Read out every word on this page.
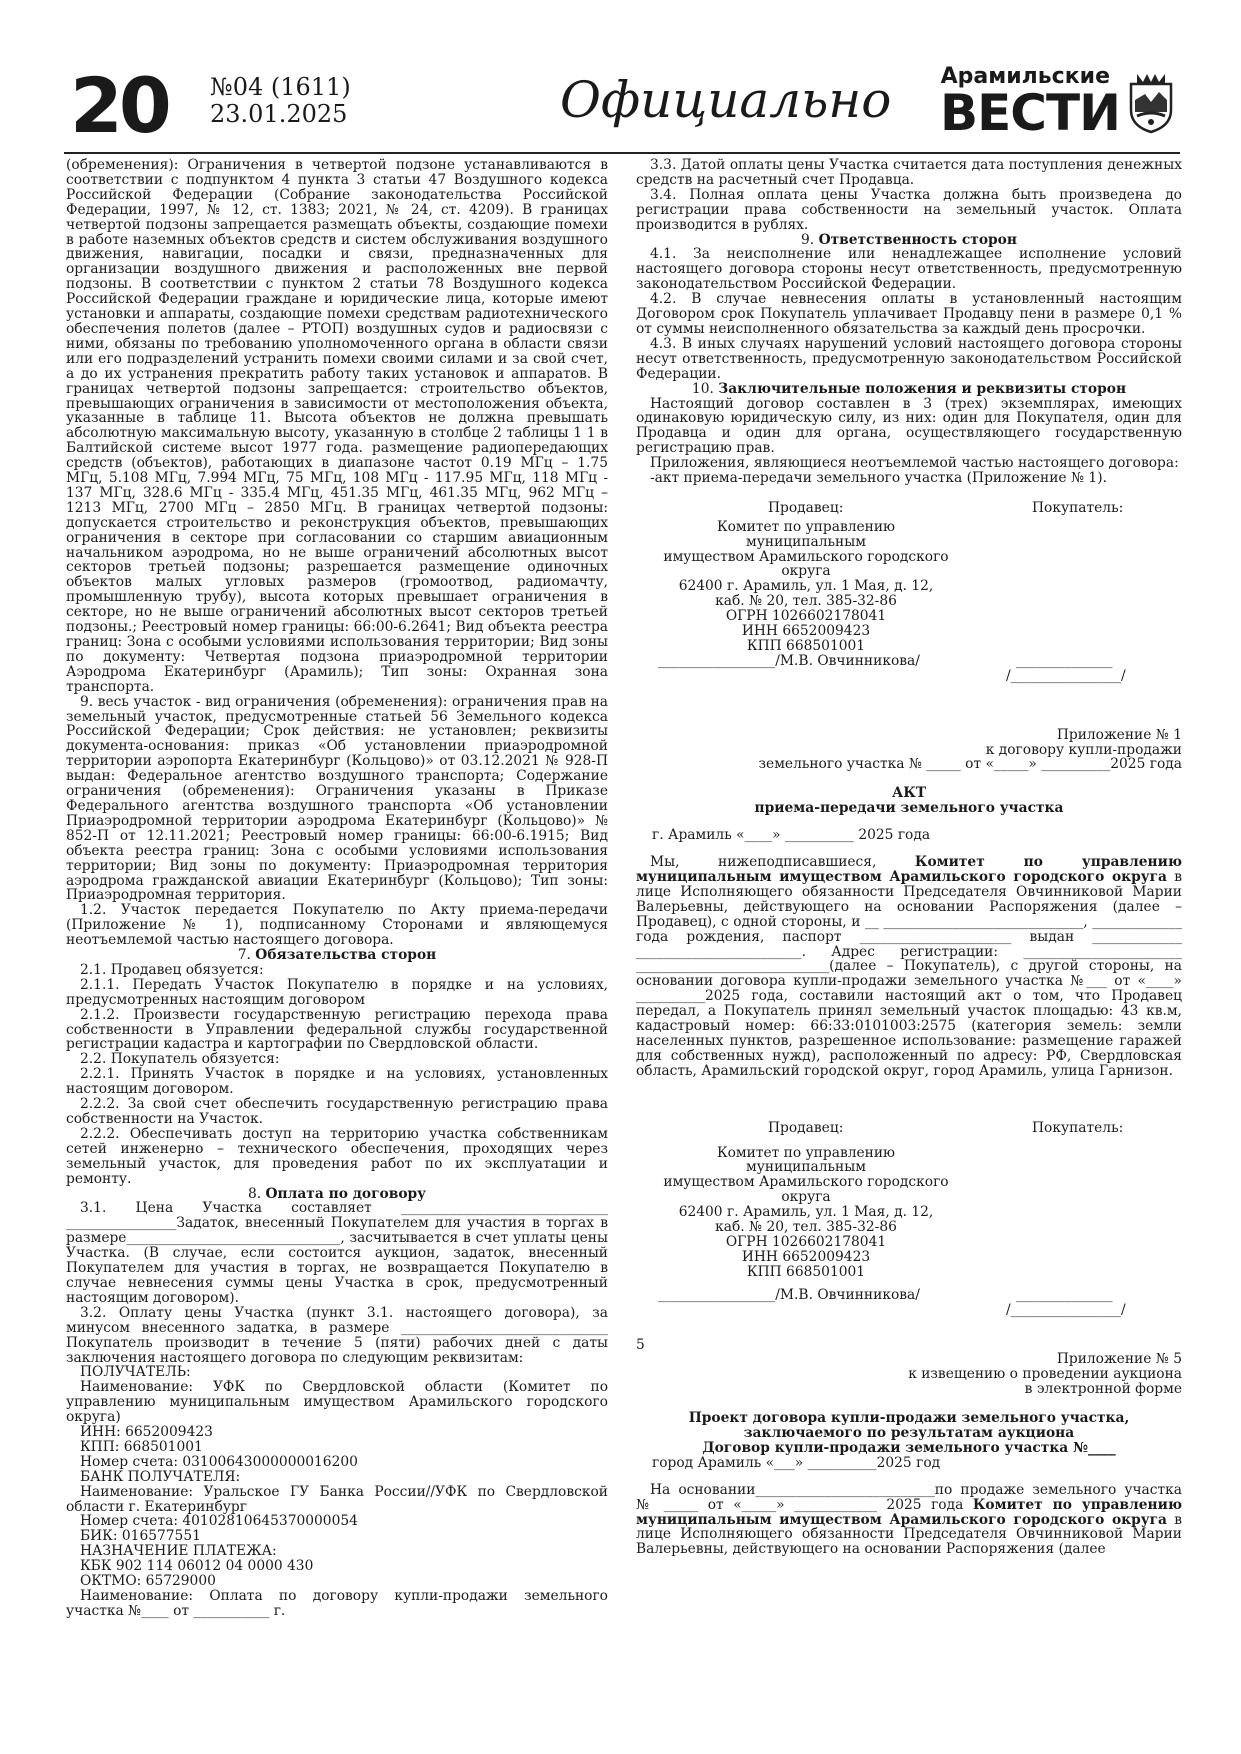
20 №04 (1611)
23.01.2025	Официально Арамильские
ВЕСТИ

(обременения): Ограничения в четвертой подзоне устанавливаются в соответствии с подпунктом 4 пункта 3 статьи 47 Воздушного кодекса Российской Федерации (Собрание законодательства Российской Федерации, 1997, № 12, ст. 1383; 2021, № 24, ст. 4209). В границах четвертой подзоны запрещается размещать объекты, создающие помехи в работе наземных объектов средств и систем обслуживания воздушного движения, навигации, посадки и связи, предназначенных для организации воздушного движения и расположенных вне первой подзоны. В соответствии с пунктом 2 статьи 78 Воздушного кодекса Российской Федерации граждане и юридические лица, которые имеют установки и аппараты, создающие помехи средствам радиотехнического обеспечения полетов (далее – РТОП) воздушных судов и радиосвязи с ними, обязаны по требованию уполномоченного органа в области связи или его подразделений устранить помехи своими силами и за свой счет, а до их устранения прекратить работу таких установок и аппаратов. В границах четвертой подзоны запрещается: строительство объектов, превышающих ограничения в зависимости от местоположения объекта, указанные в таблице 11. Высота объектов не должна превышать абсолютную максимальную высоту, указанную в столбце 2 таблицы 1 1 в Балтийской системе высот 1977 года. размещение радиопередающих средств (объектов), работающих в диапазоне частот 0.19 МГц – 1.75 МГц, 5.108 МГц, 7.994 МГц, 75 МГц, 108 МГц - 117.95 МГц, 118 МГц - 137 МГц, 328.6 МГц - 335.4 МГц, 451.35 МГц, 461.35 МГц, 962 МГц – 1213 МГц, 2700 МГц – 2850 МГц. В границах четвертой подзоны: допускается строительство и реконструкция объектов, превышающих ограничения в секторе при согласовании со старшим авиационным начальником аэродрома, но не выше ограничений абсолютных высот секторов третьей подзоны; разрешается размещение одиночных объектов малых угловых размеров (громоотвод, радиомачту, промышленную трубу), высота которых превышает ограничения в секторе, но не выше ограничений абсолютных высот секторов третьей подзоны.; Реестровый номер границы: 66:00-6.2641; Вид объекта реестра границ: Зона с особыми условиями использования территории; Вид зоны по документу: Четвертая подзона приаэродромной территории Аэродрома Екатеринбург (Арамиль); Тип зоны: Охранная зона транспорта.

9. весь участок - вид ограничения (обременения): ограничения прав на земельный участок, предусмотренные статьей 56 Земельного кодекса Российской Федерации; Срок действия: не установлен; реквизиты документа-основания: приказ «Об установлении приаэродромной территории аэропорта Екатеринбург (Кольцово)» от 03.12.2021 № 928-П выдан: Федеральное агентство воздушного транспорта; Содержание ограничения (обременения): Ограничения указаны в Приказе Федерального агентства воздушного транспорта «Об установлении Приаэродромной территории аэродрома Екатеринбург (Кольцово)» № 852-П от 12.11.2021; Реестровый номер границы: 66:00-6.1915; Вид объекта реестра границ: Зона с особыми условиями использования территории; Вид зоны по документу: Приаэродромная территория аэродрома гражданской авиации Екатеринбург (Кольцово); Тип зоны: Приаэродромная территория.

1.2. Участок передается Покупателю по Акту приема-передачи (Приложение № 1), подписанному Сторонами и являющемуся неотъемлемой частью настоящего договора.

7. Обязательства сторон

2.1. Продавец обязуется:

2.1.1. Передать Участок Покупателю в порядке и на условиях, предусмотренных настоящим договором

2.1.2. Произвести государственную регистрацию перехода права собственности в Управлении федеральной службы государственной регистрации кадастра и картографии по Свердловской области.

2.2. Покупатель обязуется:

2.2.1. Принять Участок в порядке и на условиях, установленных настоящим договором.

2.2.2. За свой счет обеспечить государственную регистрацию права собственности на Участок.

2.2.2. Обеспечивать доступ на территорию участка собственникам сетей инженерно – технического обеспечения, проходящих через земельный участок, для проведения работ по их эксплуатации и ремонту.

8. Оплата по договору

3.1. Цена Участка составляет ______________________________ ________________Задаток, внесенный Покупателем для участия в торгах в размере_______________________________, засчитывается в счет уплаты цены Участка. (В случае, если состоится аукцион, задаток, внесенный Покупателем для участия в торгах, не возвращается Покупателю в случае невнесения суммы цены Участка в срок, предусмотренный настоящим договором).

3.2. Оплату цены Участка (пункт 3.1. настоящего договора), за минусом внесенного задатка, в размере ______________________________ Покупатель производит в течение 5 (пяти) рабочих дней с даты заключения настоящего договора по следующим реквизитам:

ПОЛУЧАТЕЛЬ:

Наименование: УФК по Свердловской области (Комитет по управлению муниципальным имуществом Арамильского городского округа)

ИНН: 6652009423

КПП: 668501001

Номер счета: 03100643000000016200

БАНК ПОЛУЧАТЕЛЯ:

Наименование: Уральское ГУ Банка России//УФК по Свердловской области г. Екатеринбург

Номер счета: 40102810645370000054

БИК: 016577551

НАЗНАЧЕНИЕ ПЛАТЕЖА:

КБК 902 114 06012 04 0000 430

ОКТМО: 65729000

Наименование: Оплата по договору купли-продажи земельного участка №____ от ___________ г.

3.3. Датой оплаты цены Участка считается дата поступления денежных средств на расчетный счет Продавца.

3.4. Полная оплата цены Участка должна быть произведена до регистрации права собственности на земельный участок. Оплата производится в рублях.

9. Ответственность сторон

4.1. За неисполнение или ненадлежащее исполнение условий настоящего договора стороны несут ответственность, предусмотренную законодательством Российской Федерации.

4.2. В случае невнесения оплаты в установленный настоящим Договором срок Покупатель уплачивает Продавцу пени в размере 0,1 % от суммы неисполненного обязательства за каждый день просрочки.

4.3. В иных случаях нарушений условий настоящего договора стороны несут ответственность, предусмотренную законодательством Российской Федерации.

10. Заключительные положения и реквизиты сторон

Настоящий договор составлен в 3 (трех) экземплярах, имеющих одинаковую юридическую силу, из них: один для Покупателя, один для Продавца и один для органа, осуществляющего государственную регистрацию прав.

Приложения, являющиеся неотъемлемой частью настоящего договора:

-акт приема-передачи земельного участка (Приложение № 1).

Продавец:	Покупатель:
Комитет по управлению муниципальным
имуществом Арамильского городского
округа
62400 г. Арамиль, ул. 1 Мая, д. 12,
каб. № 20, тел. 385-32-86
ОГРН 1026602178041
ИНН 6652009423
КПП 668501001
_________________/М.В. Овчинникова/	______________
/________________/

Приложение № 1

к договору купли-продажи

земельного участка № _____ от «_____» __________2025 года

АКТ

приема-передачи земельного участка

г. Арамиль «____» __________ 2025 года

Мы, нижеподписавшиеся, Комитет по управлению муниципальным имуществом Арамильского городского округа в лице Исполняющего обязанности Председателя Овчинниковой Марии Валерьевны, действующего на основании Распоряжения (далее – Продавец), с одной стороны, и __ _____________________________, _____________ года рождения, паспорт ______________________ выдан _____________ ________________________. Адрес регистрации: _______________________ ____________________________(далее – Покупатель), с другой стороны, на основании договора купли-продажи земельного участка №___ от «____» __________2025 года, составили настоящий акт о том, что Продавец передал, а Покупатель принял земельный участок площадью: 43 кв.м, кадастровый номер: 66:33:0101003:2575 (категория земель: земли населенных пунктов, разрешенное использование: размещение гаражей для собственных нужд), расположенный по адресу: РФ, Свердловская область, Арамильский городской округ, город Арамиль, улица Гарнизон.

Продавец:	Покупатель:
Комитет по управлению муниципальным
имуществом Арамильского городского
округа
62400 г. Арамиль, ул. 1 Мая, д. 12,
каб. № 20, тел. 385-32-86
ОГРН 1026602178041
ИНН 6652009423
КПП 668501001
_________________/М.В. Овчинникова/	______________
/________________/

5

Приложение № 5

к извещению о проведении аукциона

в электронной форме

Проект договора купли-продажи земельного участка,

заключаемого по результатам аукциона

Договор купли-продажи земельного участка №____

город Арамиль «___» __________2025 год

На основании__________________________по продаже земельного участка № _____ от «_____» ____________ 2025 года Комитет по управлению муниципальным имуществом Арамильского городского округа в лице Исполняющего обязанности Председателя Овчинниковой Марии Валерьевны, действующего на основании Распоряжения (далее
